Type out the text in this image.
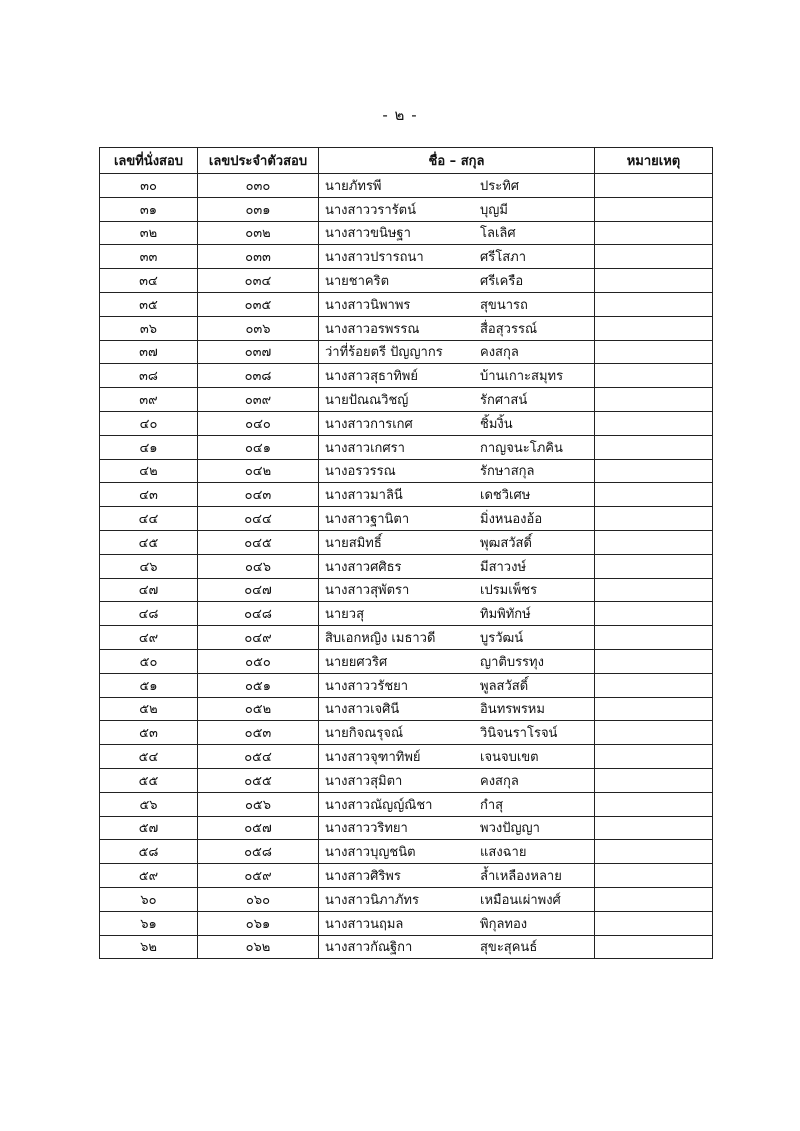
- ๒ -
เลขที่นั่งสอบ	เลขประจำตัวสอบ	ชื่อ – สกุล	หมายเหตุ
๓๐	๐๓๐	นายภัทรพี ประทิศ	
๓๑	๐๓๑	นางสาววรารัตน์ บุญมี	
๓๒	๐๓๒	นางสาวขนิษฐา โลเลิศ	
๓๓	๐๓๓	นางสาวปรารถนา ศรีโสภา	
๓๔	๐๓๔	นายชาคริต ศรีเครือ	
๓๕	๐๓๕	นางสาวนิพาพร สุขนารถ	
๓๖	๐๓๖	นางสาวอรพรรณ สื่อสุวรรณ์	
๓๗	๐๓๗	ว่าที่ร้อยตรี ปัญญากร คงสกุล	
๓๘	๐๓๘	นางสาวสุธาทิพย์ บ้านเกาะสมุทร	
๓๙	๐๓๙	นายปัณณวิชญ์ รักศาสน์	
๔๐	๐๔๐	นางสาวการเกศ ชิ้มงิ้น	
๔๑	๐๔๑	นางสาวเกศรา กาญจนะโภคิน	
๔๒	๐๔๒	นางอรวรรณ รักษาสกุล	
๔๓	๐๔๓	นางสาวมาลินี เดชวิเศษ	
๔๔	๐๔๔	นางสาวฐานิตา มิ่งหนองอ้อ	
๔๕	๐๔๕	นายสมิทธิ์ พุฒสวัสดิ์	
๔๖	๐๔๖	นางสาวศศิธร มีสาวงษ์	
๔๗	๐๔๗	นางสาวสุพัตรา เปรมเพ็ชร	
๔๘	๐๔๘	นายวสุ ทิมพิทักษ์	
๔๙	๐๔๙	สิบเอกหญิง เมธาวดี บูรวัฒน์	
๕๐	๐๕๐	นายยศวริศ ญาติบรรทุง	
๕๑	๐๕๑	นางสาววรัชยา พูลสวัสดิ์	
๕๒	๐๕๒	นางสาวเจศินี อินทรพรหม	
๕๓	๐๕๓	นายกิจณรุจณ์ วินิจนราโรจน์	
๕๔	๐๕๔	นางสาวจุฑาทิพย์ เจนจบเขต	
๕๕	๐๕๕	นางสาวสุมิตา คงสกุล	
๕๖	๐๕๖	นางสาวณัญญ์ณิชา กำสุ	
๕๗	๐๕๗	นางสาววริทยา พวงปัญญา	
๕๘	๐๕๘	นางสาวบุญชนิต แสงฉาย	
๕๙	๐๕๙	นางสาวศิริพร ล้ำเหลืองหลาย	
๖๐	๐๖๐	นางสาวนิภาภัทร เหมือนเผ่าพงศ์	
๖๑	๐๖๑	นางสาวนฤมล พิกุลทอง	
๖๒	๐๖๒	นางสาวกัณฐิกา สุขะสุคนธ์	
